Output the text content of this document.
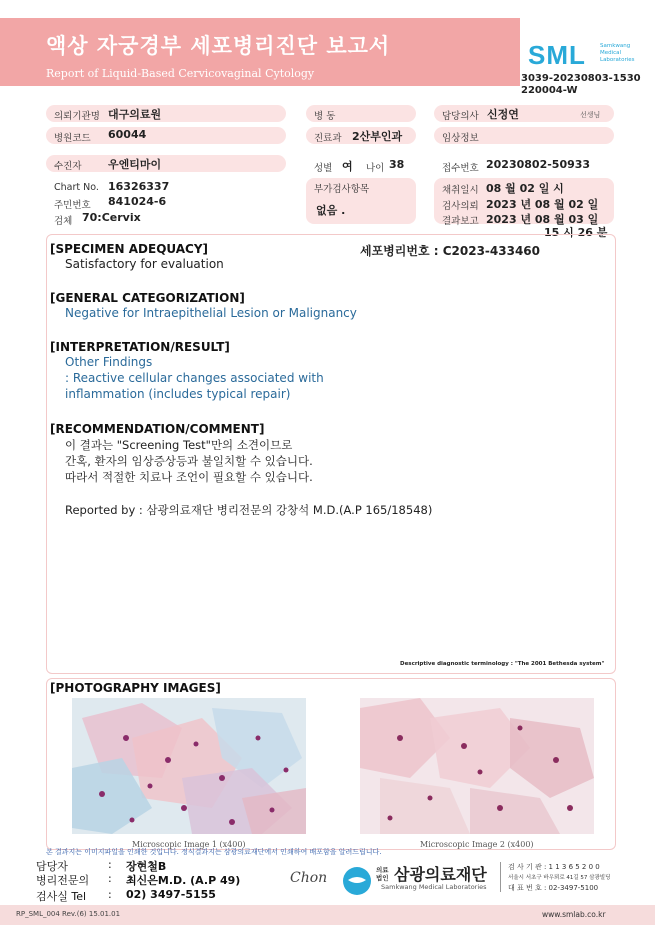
액상 자궁경부 세포병리진단 보고서
Report of Liquid-Based Cervicovaginal Cytology
SML	Samkwang
Medical
Laboratories
3039-20230803-1530
220004-W
의뢰기관명 대구의료원	병 동	담당의사 신정연	선생님
병원코드 60044	진료과 2산부인과	임상정보
수진자 우엔티마이	성별 여 나이 38	접수번호 20230802-50933
Chart No. 16326337
주민번호 841024-6
검체 70:Cervix
부가검사항목
없음 .
채취일시 08 월 02 일 시
검사의뢰 2023 년 08 월 02 일
결과보고 2023 년 08 월 03 일
15 시 26 분
[SPECIMEN ADEQUACY]	세포병리번호 : C2023-433460
Satisfactory for evaluation
[GENERAL CATEGORIZATION]
Negative for Intraepithelial Lesion or Malignancy
[INTERPRETATION/RESULT]
Other Findings
: Reactive cellular changes associated with
inflammation (includes typical repair)
[RECOMMENDATION/COMMENT]
이 결과는 "Screening Test"만의 소견이므로
간혹, 환자의 임상증상등과 불일치할 수 있습니다.
따라서 적절한 치료나 조언이 필요할 수 있습니다.
Reported by : 삼광의료재단 병리전문의 강창석 M.D.(A.P 165/18548)
Descriptive diagnostic terminology : "The 2001 Bethesda system"
[PHOTOGRAPHY IMAGES]
Microscopic Image 1 (x400)	Microscopic Image 2 (x400)
본 결과지는 이미지파일을 인쇄한 것입니다. 정식결과지는 삼광의료재단에서 인쇄하여 배포함을 알려드립니다.
담당자	: 장현철B
병리전문의 : 최신은M.D. (A.P 49)
검사실 Tel : 02) 3497-5155
Chon	의료법인 삼광의료재단
Samkwang Medical Laboratories
검 사 기 관 : 1 1 3 6 5 2 0 0
서울시 서초구 바우뫼로 41길 57 삼광빌딩
대 표 번 호 : 02-3497-5100
RP_SML_004 Rev.(6) 15.01.01	www.smlab.co.kr
